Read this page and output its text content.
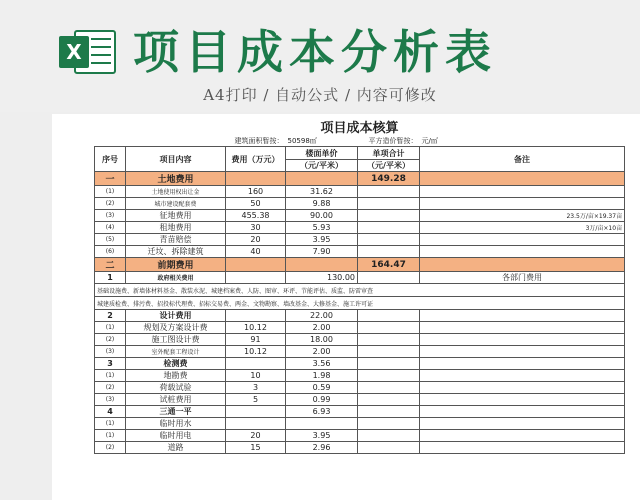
X 项目成本分析表
A4打印 / 自动公式 / 内容可修改
项目成本核算					
	建筑面积暂按：		50598㎡	平方造价暂按：	元/㎡
序号	项目内容	费用（万元）	楼面单价	单项合计	备注
			（元/平米）	（元/平米）	
一	土地费用			149.28	
(1)	土地使用权出让金	160	31.62		
(2)	城市建设配套费	50	9.88		
(3)	征地费用	455.38	90.00		23.5万/亩×19.37亩
(4)	租地费用	30	5.93		3万/亩×10亩
(5)	青苗赔偿	20	3.95		
(6)	迁坟、拆除建筑	40	7.90		
二	前期费用			164.47	
1	政府相关费用		130.00		各部门费用
基础设施费、新墙体材料基金、散装水泥、城建档案费、人防、图审、环评、节能评估、质监、防雷审查					
城建质检费、排污费、招投标代理费、招标交易费、两金、文物勘察、墙改基金、大修基金、施工许可证					
2	设计费用		22.00		
(1)	规划及方案设计费	10.12	2.00		
(2)	施工图设计费	91	18.00		
(3)	室外配套工程设计	10.12	2.00		
3	检测费		3.56		
(1)	地勘费	10	1.98		
(2)	荷载试验	3	0.59		
(3)	试桩费用	5	0.99		
4	三通一平		6.93		
(1)	临时用水				
(1)	临时用电	20	3.95		
(2)	道路	15	2.96		
